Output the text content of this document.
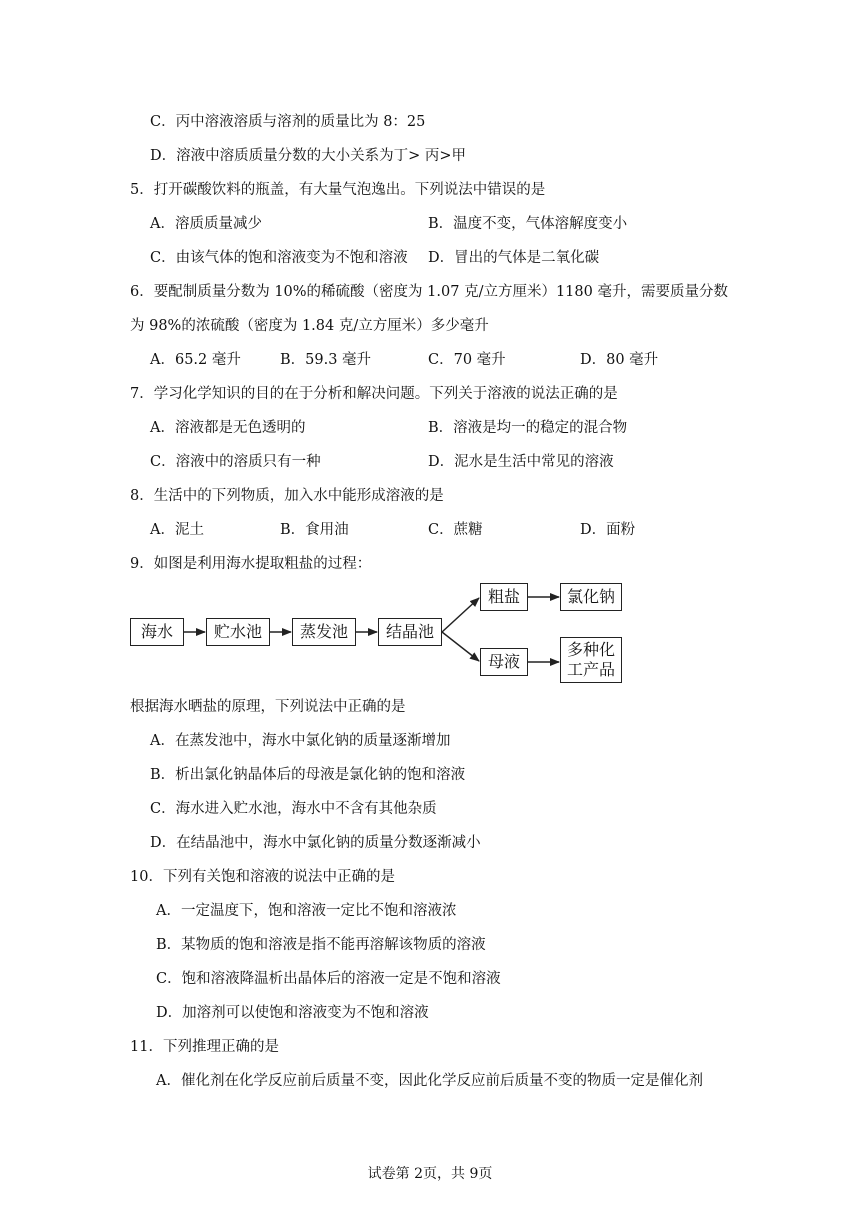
C．丙中溶液溶质与溶剂的质量比为 8：25
D．溶液中溶质质量分数的大小关系为丁> 丙>甲
5．打开碳酸饮料的瓶盖，有大量气泡逸出。下列说法中错误的是
A．溶质质量减少	B．温度不变，气体溶解度变小
C．由该气体的饱和溶液变为不饱和溶液 D．冒出的气体是二氧化碳
6．要配制质量分数为 10%的稀硫酸（密度为 1.07 克/立方厘米）1180 毫升，需要质量分数
为 98%的浓硫酸（密度为 1.84 克/立方厘米）多少毫升
A．65.2 毫升	B．59.3 毫升	C．70 毫升	D．80 毫升
7．学习化学知识的目的在于分析和解决问题。下列关于溶液的说法正确的是
A．溶液都是无色透明的	B．溶液是均一的稳定的混合物
C．溶液中的溶质只有一种	D．泥水是生活中常见的溶液
8．生活中的下列物质，加入水中能形成溶液的是
A．泥土	B．食用油	C．蔗糖	D．面粉
9．如图是利用海水提取粗盐的过程：
海水	贮水池	蒸发池	结晶池
粗盐	氯化钠
母液
多种化
工产品
根据海水晒盐的原理，下列说法中正确的是
A．在蒸发池中，海水中氯化钠的质量逐渐增加
B．析出氯化钠晶体后的母液是氯化钠的饱和溶液
C．海水进入贮水池，海水中不含有其他杂质
D．在结晶池中，海水中氯化钠的质量分数逐渐减小
10．下列有关饱和溶液的说法中正确的是
A．一定温度下，饱和溶液一定比不饱和溶液浓
B．某物质的饱和溶液是指不能再溶解该物质的溶液
C．饱和溶液降温析出晶体后的溶液一定是不饱和溶液
D．加溶剂可以使饱和溶液变为不饱和溶液
11．下列推理正确的是
A．催化剂在化学反应前后质量不变，因此化学反应前后质量不变的物质一定是催化剂
试卷第 2页，共 9页
